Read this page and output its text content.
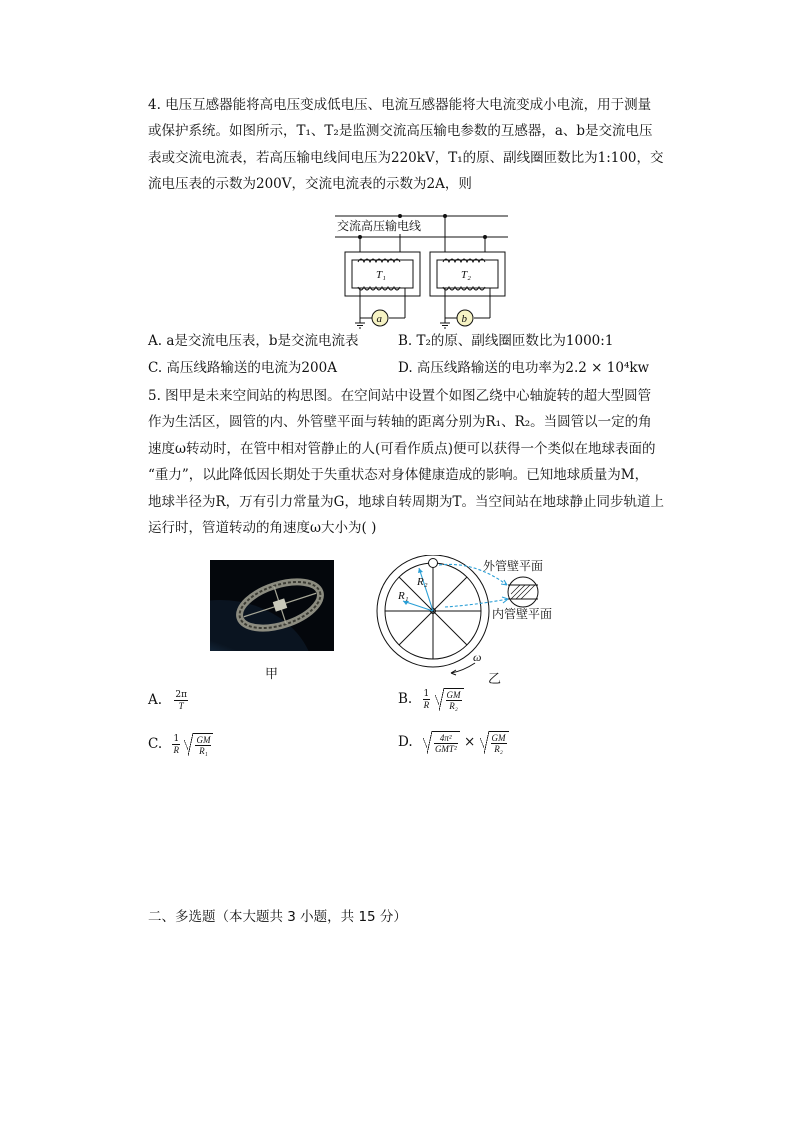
4. 电压互感器能将高电压变成低电压、电流互感器能将大电流变成小电流，用于测量
或保护系统。如图所示，T₁、T₂是监测交流高压输电参数的互感器，a、b是交流电压
表或交流电流表，若高压输电线间电压为220kV，T₁的原、副线圈匝数比为1:100，交
流电压表的示数为200V，交流电流表的示数为2A，则
交流高压输电线
T₁	T₂
a	b
A. a是交流电压表，b是交流电流表	B. T₂的原、副线圈匝数比为1000:1
C. 高压线路输送的电流为200A	D. 高压线路输送的电功率为2.2 × 10⁴kw
5. 图甲是未来空间站的构思图。在空间站中设置个如图乙绕中心轴旋转的超大型圆管
作为生活区，圆管的内、外管壁平面与转轴的距离分别为R₁、R₂。当圆管以一定的角
速度ω转动时，在管中相对管静止的人(可看作质点)便可以获得一个类似在地球表面的
“重力”，以此降低因长期处于失重状态对身体健康造成的影响。已知地球质量为M，
地球半径为R，万有引力常量为G，地球自转周期为T。当空间站在地球静止同步轨道上
运行时，管道转动的角速度ω大小为( )
甲
R₁
R₂
外管壁平面
内管壁平面
ω
乙
A. $\frac{2\pi}{T}$	B. $\frac{1}{R}$
$\frac{GM}{\text{R₂}}$
C. $\frac{1}{R}$
$\frac{GM}{\text{R₁}}$	D. $\frac{\text{4π²}}{\text{GMT²}} \times \frac{GM}{\text{R₂}}$
二、多选题（本大题共 3 小题，共 15 分）
